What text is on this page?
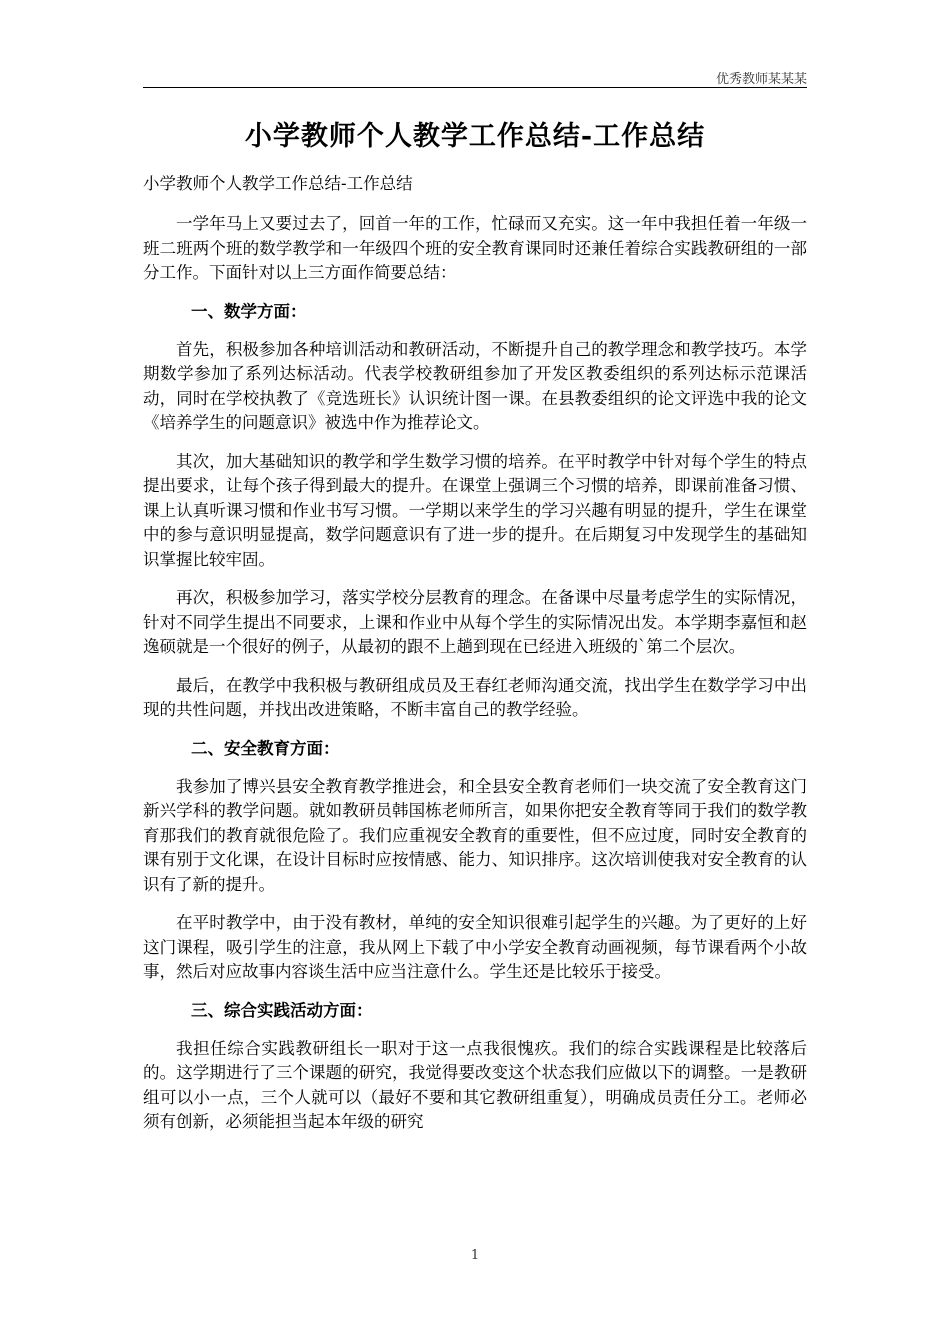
优秀教师某某某
小学教师个人教学工作总结-工作总结
小学教师个人教学工作总结-工作总结

一学年马上又要过去了，回首一年的工作，忙碌而又充实。这一年中我担任着一年级一班二班两个班的数学教学和一年级四个班的安全教育课同时还兼任着综合实践教研组的一部分工作。下面针对以上三方面作简要总结：

一、数学方面：

首先，积极参加各种培训活动和教研活动，不断提升自己的教学理念和教学技巧。本学期数学参加了系列达标活动。代表学校教研组参加了开发区教委组织的系列达标示范课活动，同时在学校执教了《竞选班长》认识统计图一课。在县教委组织的论文评选中我的论文《培养学生的问题意识》被选中作为推荐论文。

其次，加大基础知识的教学和学生数学习惯的培养。在平时教学中针对每个学生的特点提出要求，让每个孩子得到最大的提升。在课堂上强调三个习惯的培养，即课前准备习惯、课上认真听课习惯和作业书写习惯。一学期以来学生的学习兴趣有明显的提升，学生在课堂中的参与意识明显提高，数学问题意识有了进一步的提升。在后期复习中发现学生的基础知识掌握比较牢固。

再次，积极参加学习，落实学校分层教育的理念。在备课中尽量考虑学生的实际情况，针对不同学生提出不同要求，上课和作业中从每个学生的实际情况出发。本学期李嘉恒和赵逸硕就是一个很好的例子，从最初的跟不上趟到现在已经进入班级的`第二个层次。

最后，在教学中我积极与教研组成员及王春红老师沟通交流，找出学生在数学学习中出现的共性问题，并找出改进策略，不断丰富自己的教学经验。

二、安全教育方面：

我参加了博兴县安全教育教学推进会，和全县安全教育老师们一块交流了安全教育这门新兴学科的教学问题。就如教研员韩国栋老师所言，如果你把安全教育等同于我们的数学教育那我们的教育就很危险了。我们应重视安全教育的重要性，但不应过度，同时安全教育的课有别于文化课，在设计目标时应按情感、能力、知识排序。这次培训使我对安全教育的认识有了新的提升。

在平时教学中，由于没有教材，单纯的安全知识很难引起学生的兴趣。为了更好的上好这门课程，吸引学生的注意，我从网上下载了中小学安全教育动画视频，每节课看两个小故事，然后对应故事内容谈生活中应当注意什么。学生还是比较乐于接受。

三、综合实践活动方面：

我担任综合实践教研组长一职对于这一点我很愧疚。我们的综合实践课程是比较落后的。这学期进行了三个课题的研究，我觉得要改变这个状态我们应做以下的调整。一是教研组可以小一点，三个人就可以（最好不要和其它教研组重复），明确成员责任分工。老师必须有创新，必须能担当起本年级的研究

1
